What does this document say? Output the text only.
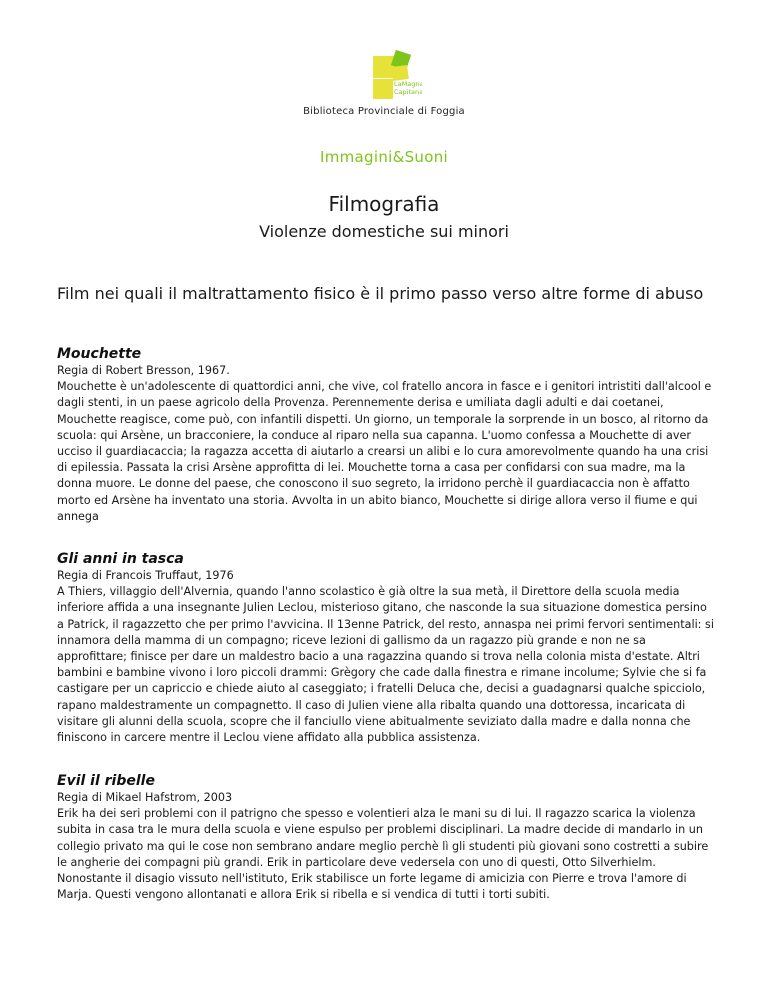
LaMagna
Capitana
Biblioteca Provinciale di Foggia
Immagini&Suoni
Filmografia
Violenze domestiche sui minori
Film nei quali il maltrattamento fisico è il primo passo verso altre forme di abuso
Mouchette
Regia di Robert Bresson, 1967.
Mouchette è un'adolescente di quattordici anni, che vive, col fratello ancora in fasce e i genitori intristiti dall'alcool e dagli stenti, in un paese agricolo della Provenza. Perennemente derisa e umiliata dagli adulti e dai coetanei, Mouchette reagisce, come può, con infantili dispetti. Un giorno, un temporale la sorprende in un bosco, al ritorno da scuola: qui Arsène, un bracconiere, la conduce al riparo nella sua capanna. L'uomo confessa a Mouchette di aver ucciso il guardiacaccia; la ragazza accetta di aiutarlo a crearsi un alibi e lo cura amorevolmente quando ha una crisi di epilessia. Passata la crisi Arsène approfitta di lei. Mouchette torna a casa per confidarsi con sua madre, ma la donna muore. Le donne del paese, che conoscono il suo segreto, la irridono perchè il guardiacaccia non è affatto morto ed Arsène ha inventato una storia. Avvolta in un abito bianco, Mouchette si dirige allora verso il fiume e qui annega
Gli anni in tasca
Regia di Francois Truffaut, 1976
A Thiers, villaggio dell'Alvernia, quando l'anno scolastico è già oltre la sua metà, il Direttore della scuola media inferiore affida a una insegnante Julien Leclou, misterioso gitano, che nasconde la sua situazione domestica persino a Patrick, il ragazzetto che per primo l'avvicina. Il 13enne Patrick, del resto, annaspa nei primi fervori sentimentali: si innamora della mamma di un compagno; riceve lezioni di gallismo da un ragazzo più grande e non ne sa approfittare; finisce per dare un maldestro bacio a una ragazzina quando si trova nella colonia mista d'estate. Altri bambini e bambine vivono i loro piccoli drammi: Grègory che cade dalla finestra e rimane incolume; Sylvie che si fa castigare per un capriccio e chiede aiuto al caseggiato; i fratelli Deluca che, decisi a guadagnarsi qualche spicciolo, rapano maldestramente un compagnetto. Il caso di Julien viene alla ribalta quando una dottoressa, incaricata di visitare gli alunni della scuola, scopre che il fanciullo viene abitualmente seviziato dalla madre e dalla nonna che finiscono in carcere mentre il Leclou viene affidato alla pubblica assistenza.
Evil il ribelle
Regia di Mikael Hafstrom, 2003
Erik ha dei seri problemi con il patrigno che spesso e volentieri alza le mani su di lui. Il ragazzo scarica la violenza subita in casa tra le mura della scuola e viene espulso per problemi disciplinari. La madre decide di mandarlo in un collegio privato ma qui le cose non sembrano andare meglio perchè lì gli studenti più giovani sono costretti a subire le angherie dei compagni più grandi. Erik in particolare deve vedersela con uno di questi, Otto Silverhielm. Nonostante il disagio vissuto nell'istituto, Erik stabilisce un forte legame di amicizia con Pierre e trova l'amore di Marja. Questi vengono allontanati e allora Erik si ribella e si vendica di tutti i torti subiti.
